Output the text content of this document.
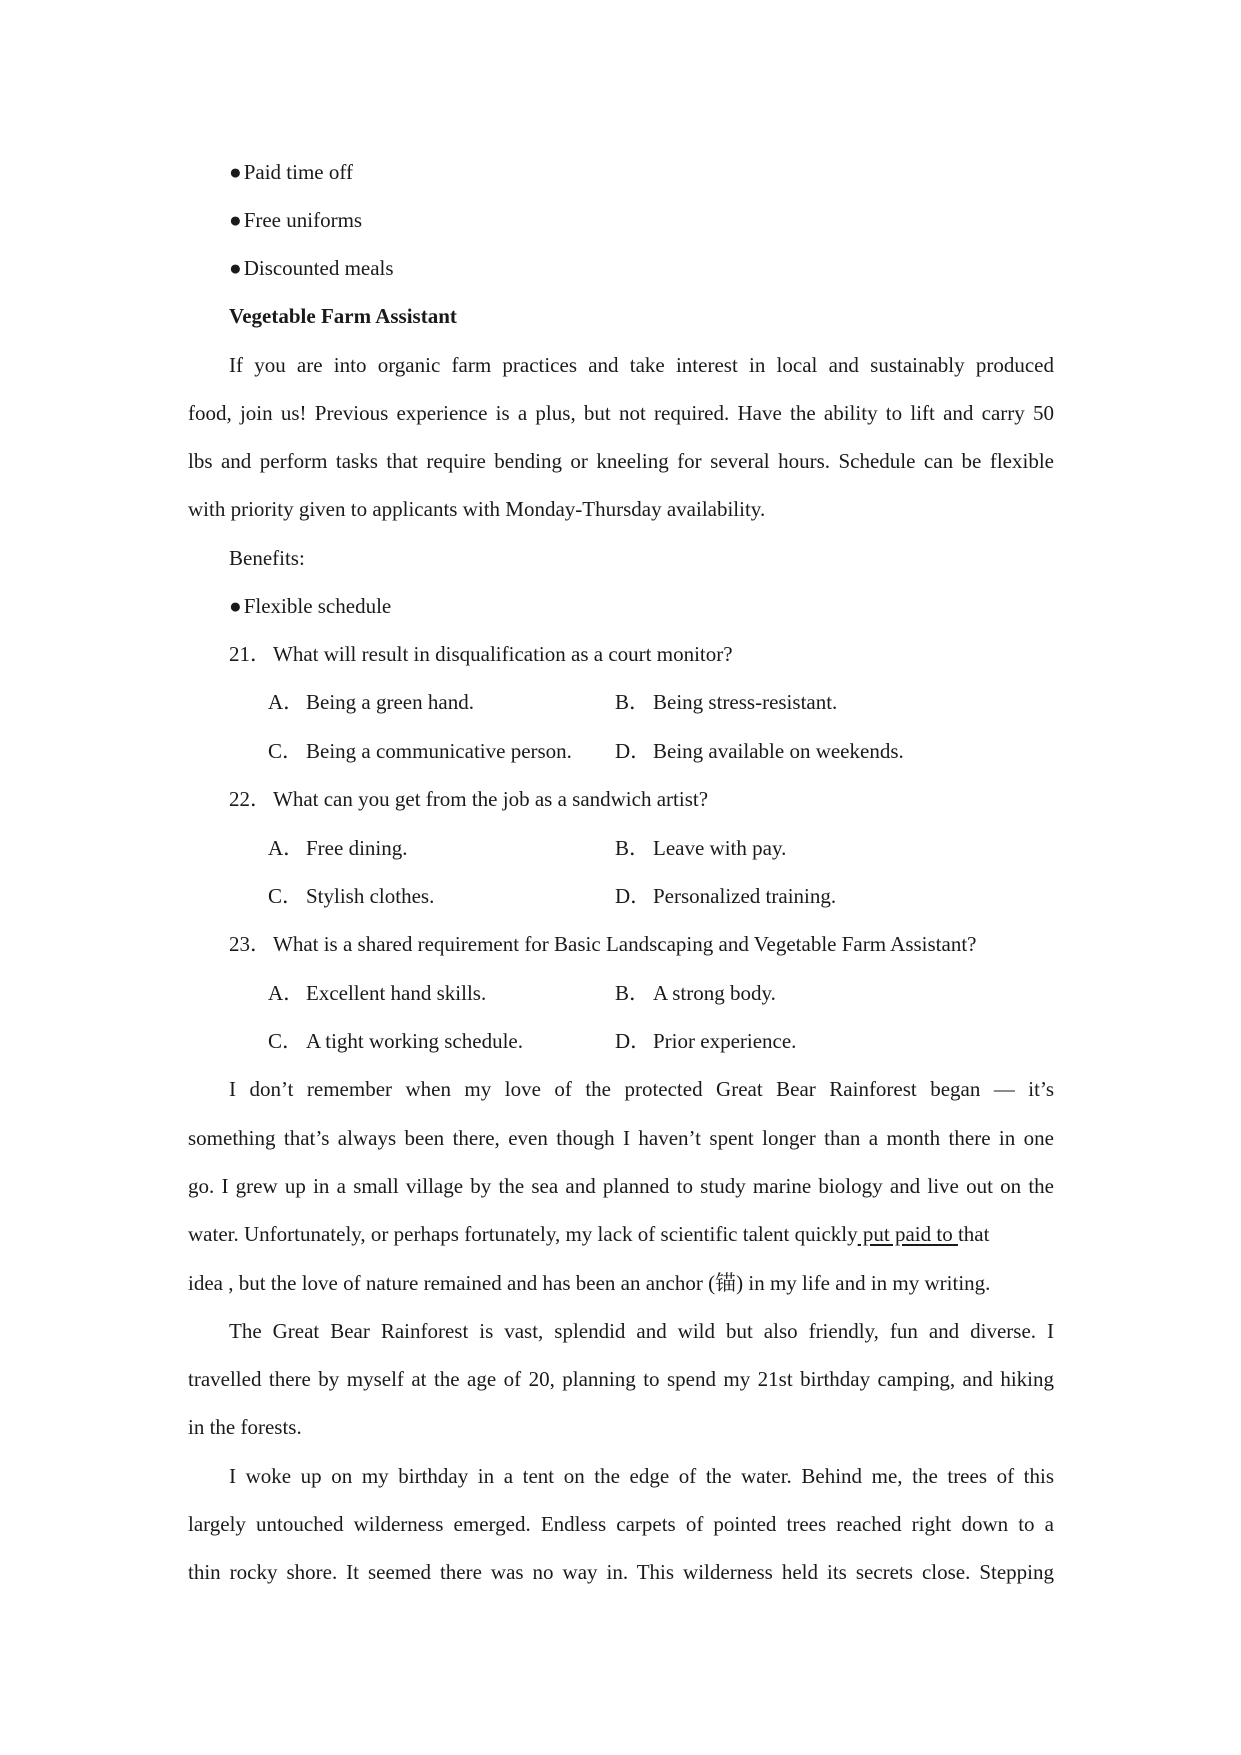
●Paid time off
●Free uniforms
●Discounted meals
Vegetable Farm Assistant
If you are into organic farm practices and take interest in local and sustainably produced
food, join us! Previous experience is a plus, but not required. Have the ability to lift and carry 50
lbs and perform tasks that require bending or kneeling for several hours. Schedule can be flexible
with priority given to applicants with Monday-Thursday availability.
Benefits:
●Flexible schedule
21．What will result in disqualification as a court monitor?
A．Being a green hand.	B． Being stress-resistant.
C． Being a communicative person. D．Being available on weekends.
22．What can you get from the job as a sandwich artist?
A．Free dining.	B． Leave with pay.
C． Stylish clothes.	D．Personalized training.
23．What is a shared requirement for Basic Landscaping and Vegetable Farm Assistant?
A．Excellent hand skills.	B． A strong body.
C． A tight working schedule.	D．Prior experience.
I don’t remember when my love of the protected Great Bear Rainforest began — it’s
something that’s always been there, even though I haven’t spent longer than a month there in one
go. I grew up in a small village by the sea and planned to study marine biology and live out on the
water. Unfortunately, or perhaps fortunately, my lack of scientific talent quickly put paid to that
idea , but the love of nature remained and has been an anchor (锚) in my life and in my writing.
The Great Bear Rainforest is vast, splendid and wild but also friendly, fun and diverse. I
travelled there by myself at the age of 20, planning to spend my 21st birthday camping, and hiking
in the forests.
I woke up on my birthday in a tent on the edge of the water. Behind me, the trees of this
largely untouched wilderness emerged. Endless carpets of pointed trees reached right down to a
thin rocky shore. It seemed there was no way in. This wilderness held its secrets close. Stepping
